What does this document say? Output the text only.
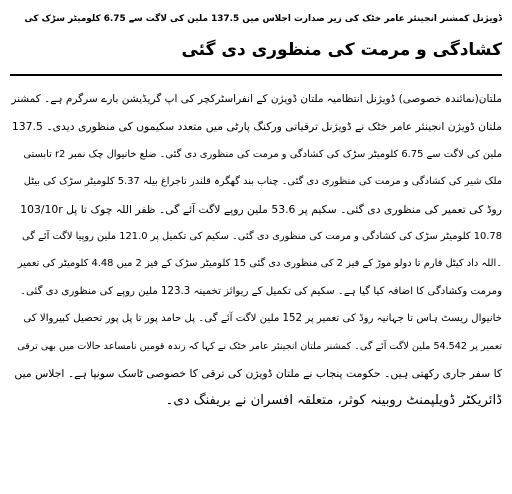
ڈویژنل کمشنر انجینئر عامر خٹک کی زیر صدارت اجلاس میں 137.5 ملین کی لاگت سے 6.75 کلومیٹر سڑک کی
کشادگی و مرمت کی منظوری دی گئی
ملتان(نمائندہ خصوصی) ڈویژنل انتظامیہ ملتان ڈویژن کے انفراسٹرکچر کی اپ گریڈیشن بارے سرگرم ہے۔ کمشنر
ملتان ڈویژن انجینئر عامر خٹک نے ڈویژنل ترقیاتی ورکنگ پارٹی میں متعدد سکیموں کی منظوری دیدی۔ 137.5
ملین کی لاگت سے 6.75 کلومیٹر سڑک کی کشادگی و مرمت کی منظوری دی گئی۔ ضلع خانیوال چک نمبر r2 تابستی
ملک شیر کی کشادگی و مرمت کی منظوری دی گئی۔ چناب بند گھگرہ قلندر تاجراغ بیلہ 5.37 کلومیٹر سڑک کی بیٹل
روڈ کی تعمیر کی منظوری دی گئی۔ سکیم پر 53.6 ملین روپے لاگت آئے گی۔ ظفر اللہ چوک تا پل 103/10r
10.78 کلومیٹر سڑک کی کشادگی و مرمت کی منظوری دی گئی۔ سکیم کی تکمیل پر 121.0 ملین روپیا لاگت آئے گی
۔اللہ داد کیٹل فارم تا دولو موڑ کے فیز 2 کی منظوری دی گئی 15 کلومیٹر سڑک کے فیز 2 میں 4.48 کلومیٹر کی تعمیر
ومرمت وکشادگی کا اضافہ کیا گیا ہے۔ سکیم کی تکمیل کے ریوائز تخمینہ 123.3 ملین روپے کی منظوری دی گئی۔
خانیوال ریسٹ ہاس تا جہانیہ روڈ کی تعمیر پر 152 ملین لاگت آئے گی۔ پل حامد پور تا پل پور تحصیل کبیروالا کی
تعمیر پر 54.542 ملین لاگت آئے گی۔ کمشنر ملتان انجینئر عامر خٹک نے کہا کہ زندہ قومیں نامساعد حالات میں بھی ترقی
کا سفر جاری رکھتی ہیں۔ حکومت پنجاب نے ملتان ڈویژن کی ترقی کا خصوصی ٹاسک سونپا ہے۔ اجلاس میں
ڈائریکٹر ڈویلپمنٹ روبینہ کوثر، متعلقہ افسران نے بریفنگ دی۔
